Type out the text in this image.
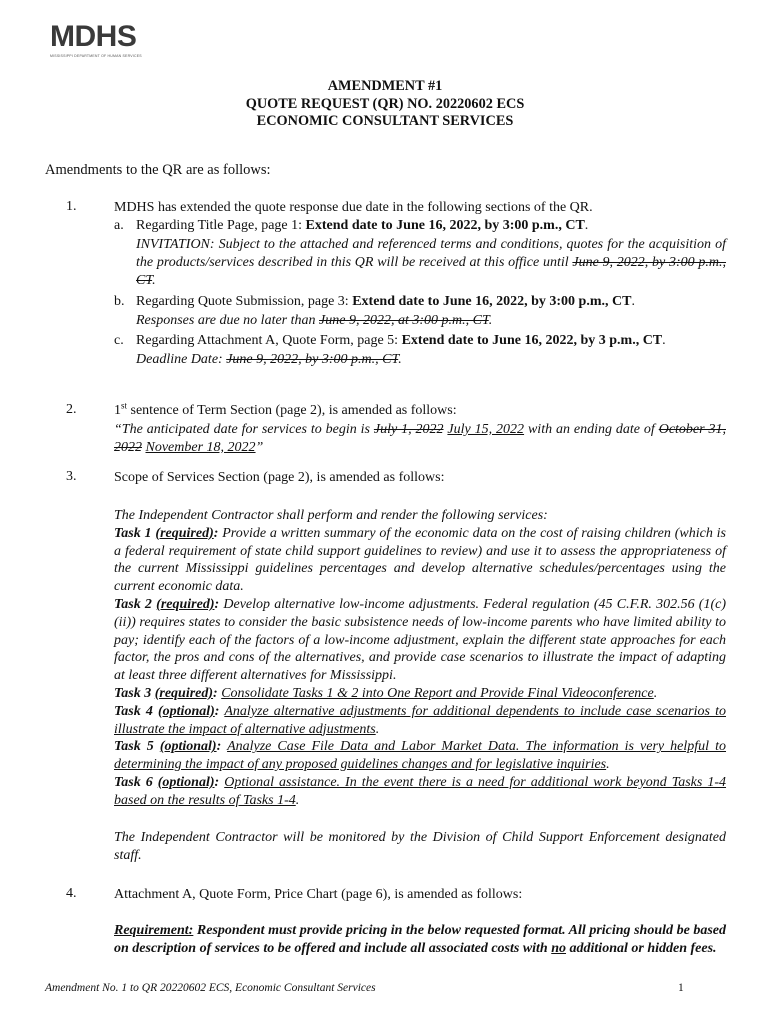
MDHS
MISSISSIPPI DEPARTMENT OF HUMAN SERVICES
AMENDMENT #1
QUOTE REQUEST (QR) NO. 20220602 ECS
ECONOMIC CONSULTANT SERVICES
Amendments to the QR are as follows:
1.	MDHS has extended the quote response due date in the following sections of the QR.
a. Regarding Title Page, page 1: Extend date to June 16, 2022, by 3:00 p.m., CT.
INVITATION: Subject to the attached and referenced terms and conditions, quotes for the acquisition of the products/services described in this QR will be received at this office until June 9, 2022, by 3:00 p.m., CT.
b. Regarding Quote Submission, page 3: Extend date to June 16, 2022, by 3:00 p.m., CT.
Responses are due no later than June 9, 2022, at 3:00 p.m., CT.
c. Regarding Attachment A, Quote Form, page 5: Extend date to June 16, 2022, by 3 p.m., CT.
Deadline Date: June 9, 2022, by 3:00 p.m., CT.
2.	1st sentence of Term Section (page 2), is amended as follows:
“The anticipated date for services to begin is July 1, 2022 July 15, 2022 with an ending date of October 31, 2022 November 18, 2022”
3.	Scope of Services Section (page 2), is amended as follows:

The Independent Contractor shall perform and render the following services:

Task 1 (required): Provide a written summary of the economic data on the cost of raising children (which is a federal requirement of state child support guidelines to review) and use it to assess the appropriateness of the current Mississippi guidelines percentages and develop alternative schedules/percentages using the current economic data.

Task 2 (required): Develop alternative low-income adjustments. Federal regulation (45 C.F.R. 302.56 (1(c)(ii)) requires states to consider the basic subsistence needs of low-income parents who have limited ability to pay; identify each of the factors of a low-income adjustment, explain the different state approaches for each factor, the pros and cons of the alternatives, and provide case scenarios to illustrate the impact of adapting at least three different alternatives for Mississippi.

Task 3 (required): Consolidate Tasks 1 & 2 into One Report and Provide Final Videoconference.

Task 4 (optional): Analyze alternative adjustments for additional dependents to include case scenarios to illustrate the impact of alternative adjustments.

Task 5 (optional): Analyze Case File Data and Labor Market Data. The information is very helpful to determining the impact of any proposed guidelines changes and for legislative inquiries.

Task 6 (optional): Optional assistance. In the event there is a need for additional work beyond Tasks 1-4 based on the results of Tasks 1-4.

The Independent Contractor will be monitored by the Division of Child Support Enforcement designated staff.
4.	Attachment A, Quote Form, Price Chart (page 6), is amended as follows:
Requirement: Respondent must provide pricing in the below requested format. All pricing should be based on description of services to be offered and include all associated costs with no additional or hidden fees.
Amendment No. 1 to QR 20220602 ECS, Economic Consultant Services	1
